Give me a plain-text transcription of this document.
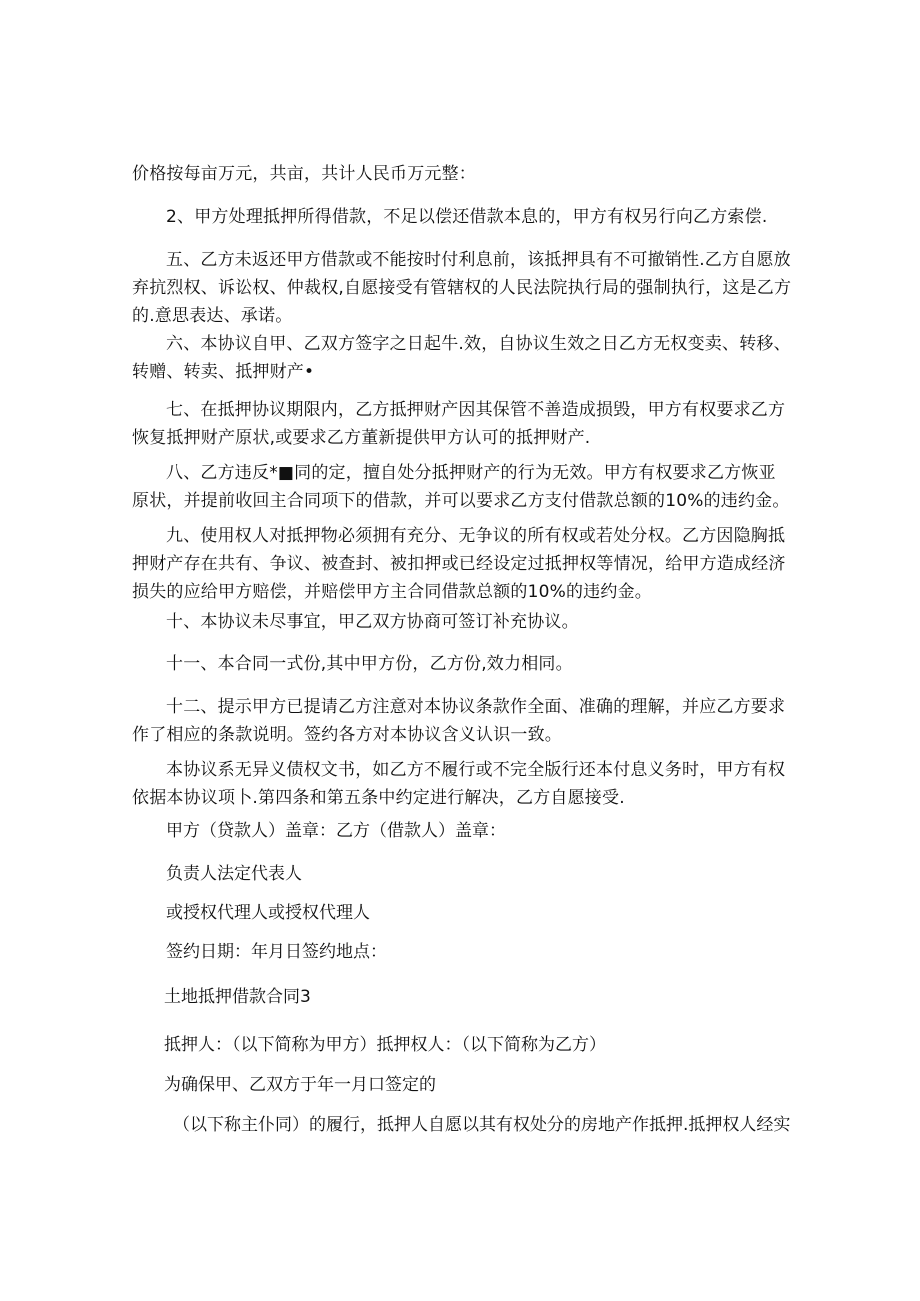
价格按每亩万元，共亩，共计人民币万元整：

2、甲方处理抵押所得借款，不足以偿还借款本息的，甲方有权另行向乙方索偿.

五、乙方未返还甲方借款或不能按时付利息前，该抵押具有不可撤销性.乙方自愿放弃抗烈权、诉讼权、仲裁权,自愿接受有管辖权的人民法院执行局的强制执行，这是乙方的.意思表达、承诺。

六、本协议自甲、乙双方签字之日起牛.效，自协议生效之日乙方无权变卖、转移、转赠、转卖、抵押财产•

七、在抵押协议期限内，乙方抵押财产因其保管不善造成损毁，甲方有权要求乙方恢复抵押财产原状,或要求乙方董新提供甲方认可的抵押财产.

八、乙方违反*■同的定，擅自处分抵押财产的行为无效。甲方有权要求乙方恢亚原状，并提前收回主合同项下的借款，并可以要求乙方支付借款总额的10%的违约金。

九、使用权人对抵押物必须拥有充分、无争议的所有权或若处分权。乙方因隐胸抵押财产存在共有、争议、被查封、被扣押或已经设定过抵押权等情况，给甲方造成经济损失的应给甲方赔偿，并赔偿甲方主合同借款总额的10%的违约金。

十、本协议未尽事宜，甲乙双方协商可签订补充协议。

十一、本合同一式份,其中甲方份，乙方份,效力相同。

十二、提示甲方已提请乙方注意对本协议条款作全面、准确的理解，并应乙方要求作了相应的条款说明。签约各方对本协议含义认识一致。

本协议系无异义债权文书，如乙方不履行或不完全版行还本付息义务时，甲方有权依据本协议项卜.第四条和第五条中约定进行解决，乙方自愿接受.

甲方（贷款人）盖章：乙方（借款人）盖章：

负责人法定代表人

或授权代理人或授权代理人

签约日期：年月日签约地点：

土地抵押借款合同3

抵押人：（以下简称为甲方）抵押权人：（以下简称为乙方）

为确保甲、乙双方于年一月口签定的

（以下称主仆同）的履行，抵押人自愿以其有权处分的房地产作抵押.抵押权人经实
